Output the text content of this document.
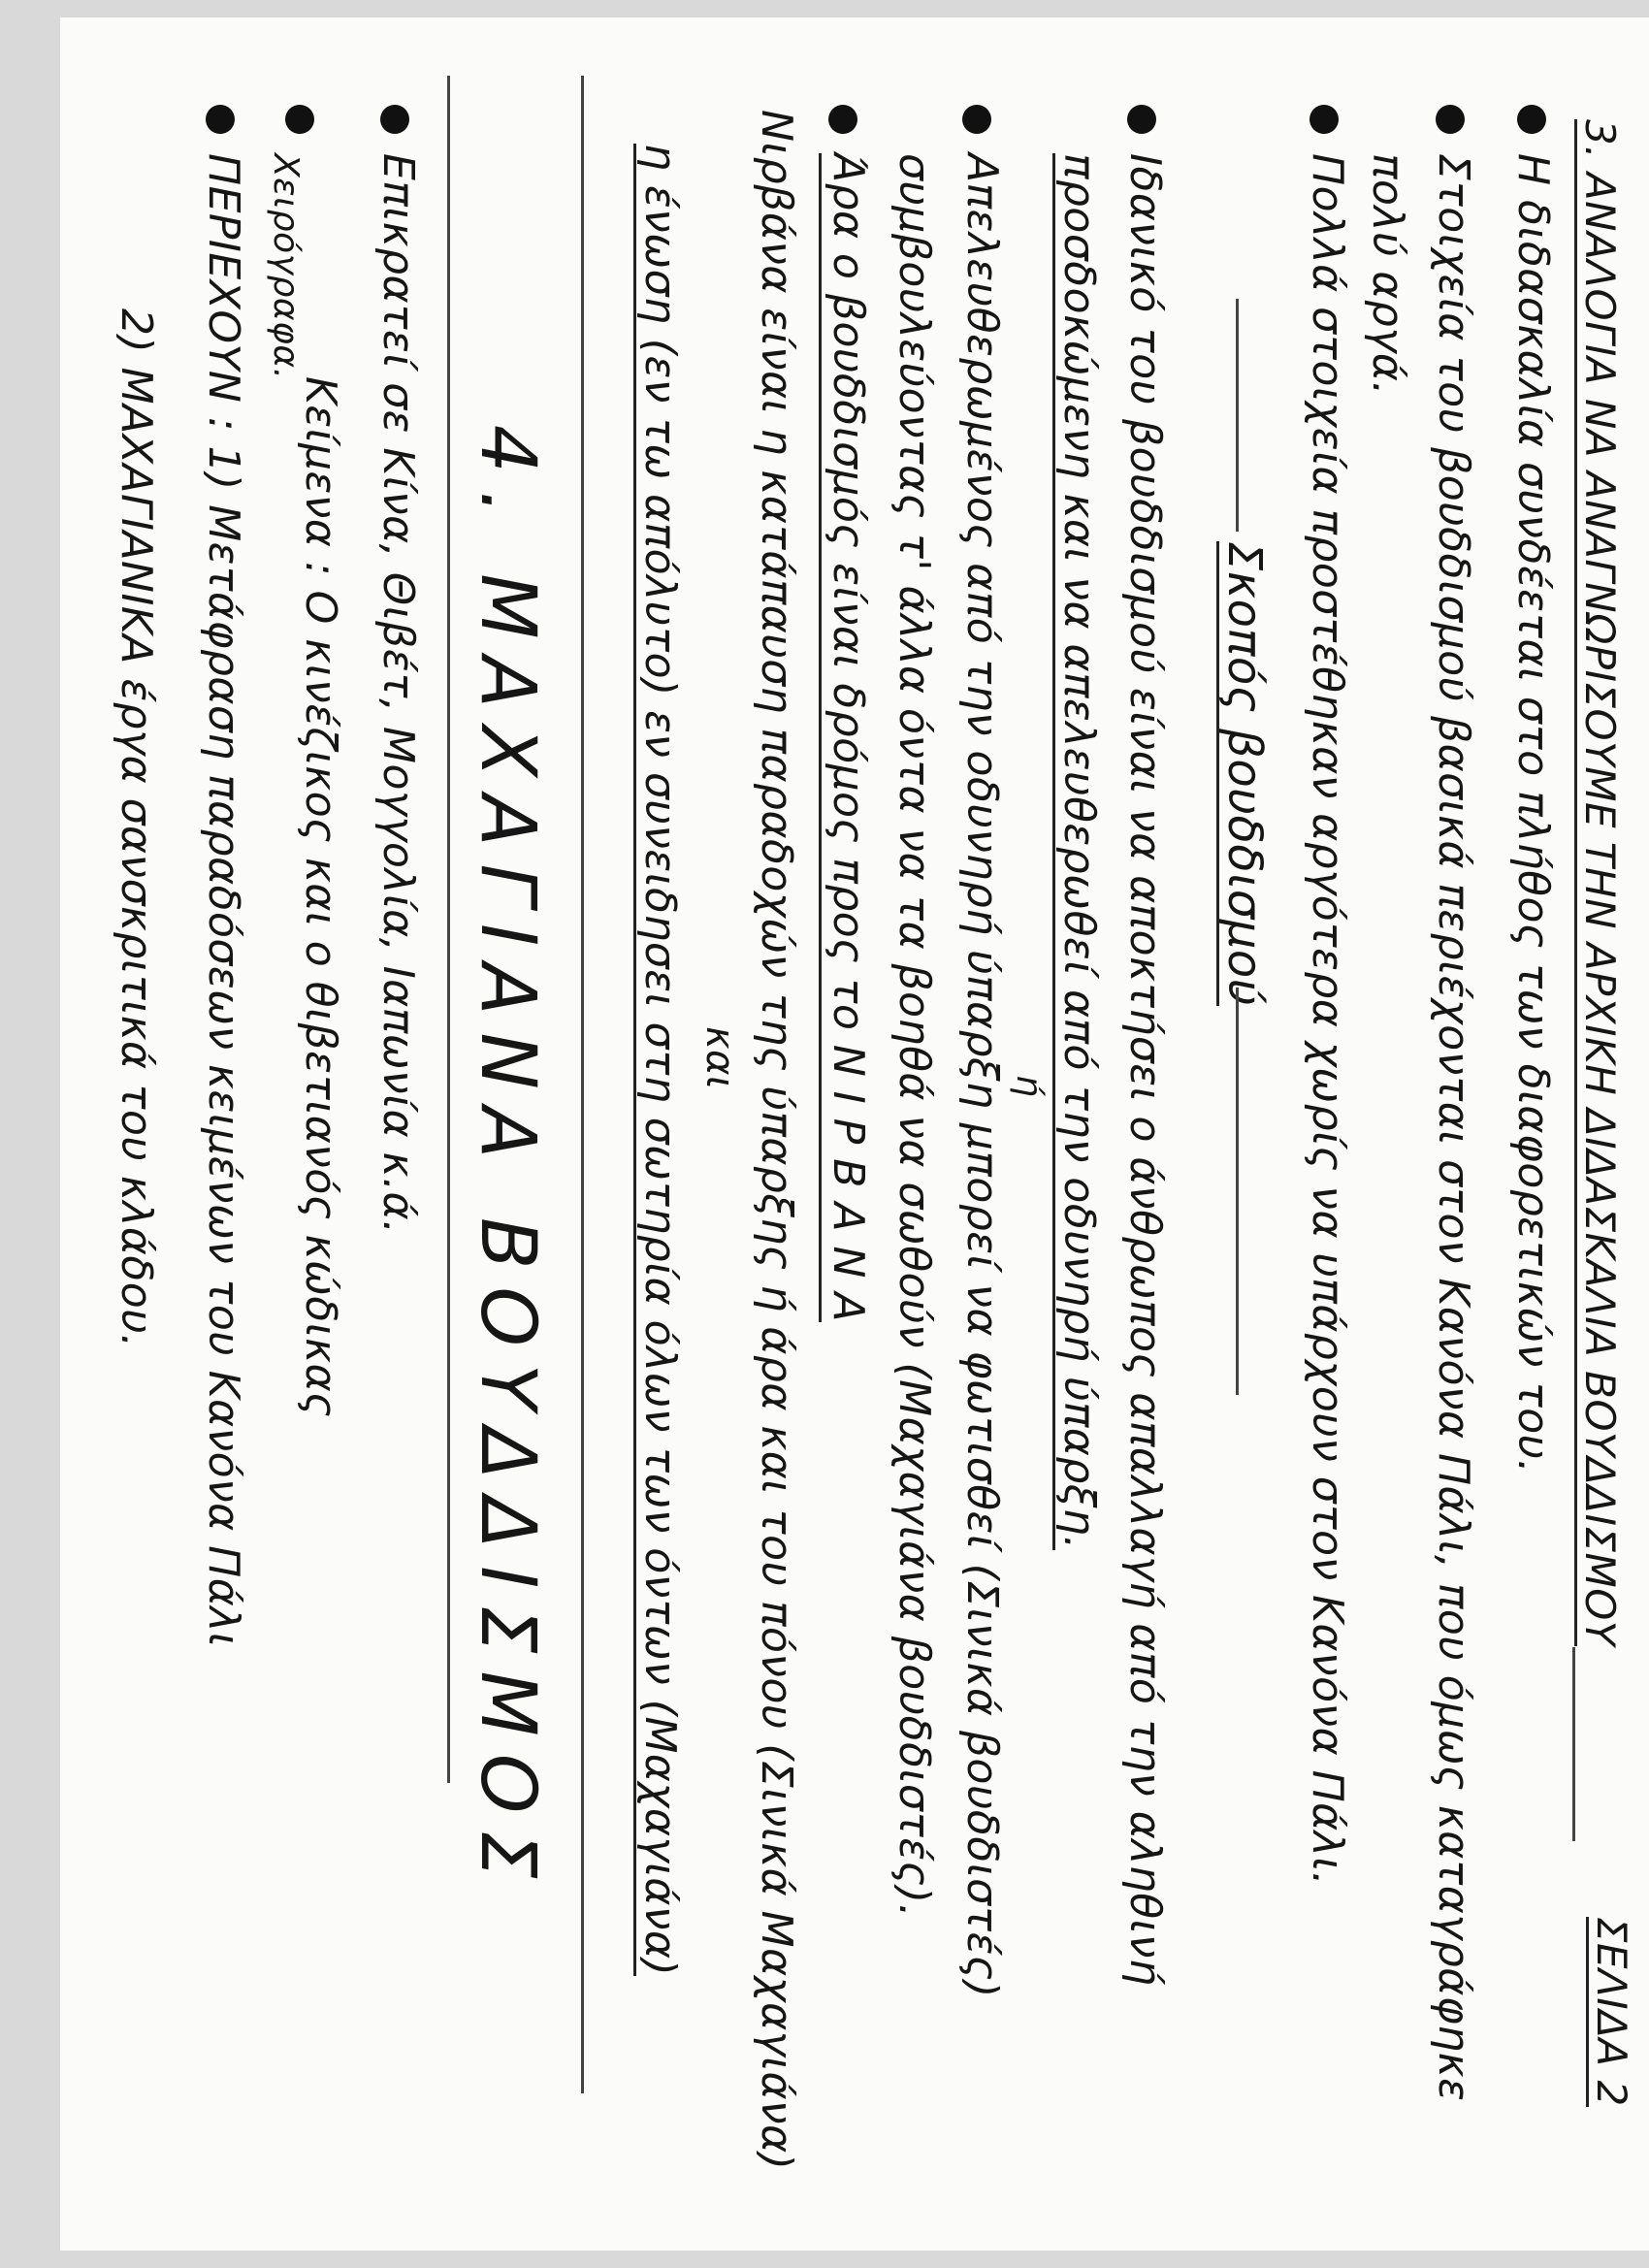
ΣΕΛΙΔΑ 2
3. ΑΝΑΛΟΓΙΑ ΝΑ ΑΝΑΓΝΩΡΙΣΟΥΜΕ ΤΗΝ ΑΡΧΙΚΗ ΔΙΔΑΣΚΑΛΙΑ ΒΟΥΔΔΙΣΜΟΥ
Η διδασκαλία συνδέεται στο πλήθος των διαφορετικών του.
Στοιχεία του βουδδισμού βασικά περιέχονται στον Κανόνα Πάλι, που όμως καταγράφηκε
πολύ αργά.
Πολλά στοιχεία προστέθηκαν αργότερα χωρίς να υπάρχουν στον Κανόνα Πάλι.
Σκοπός βουδδισμού
Ιδανικό του βουδδισμού είναι να αποκτήσει ο άνθρωπος απαλλαγή από την αληθινή
προσδοκώμενη και να απελευθερωθεί από την οδυνηρή ύπαρξη.
ή
Απελευθερωμένος από την οδυνηρή ύπαρξη μπορεί να φωτισθεί (Σινικά βουδδιστές)
συμβουλεύοντας τ' άλλα όντα να τα βοηθά να σωθούν (Μαχαγιάνα βουδδιστές).
Άρα ο βουδδισμός είναι δρόμος προς το Ν Ι Ρ Β Α Ν Α
Νιρβάνα είναι η κατάπαυση παραδοχών της ύπαρξης ή άρα και του πόνου (Σινικά Μαχαγιάνα)
και
η ένωση (εν τω απόλυτο) εν συνειδησει στη σωτηρία όλων των όντων (Μαχαγιάνα)
4. ΜΑΧΑΓΙΑΝΑ ΒΟΥΔΔΙΣΜΟΣ
Επικρατεί σε Κίνα, Θιβέτ, Μογγολία, Ιαπωνία κ.ά.
Χειρόγραφα.
Κείμενα : Ο κινέζικος και ο θιβετιανός κώδικας
ΠΕΡΙΕΧΟΥΝ : 1) Μετάφραση παραδόσεων κειμένων του Κανόνα Πάλι
2) ΜΑΧΑΓΙΑΝΙΚΑ έργα σανσκριτικά του κλάδου.
